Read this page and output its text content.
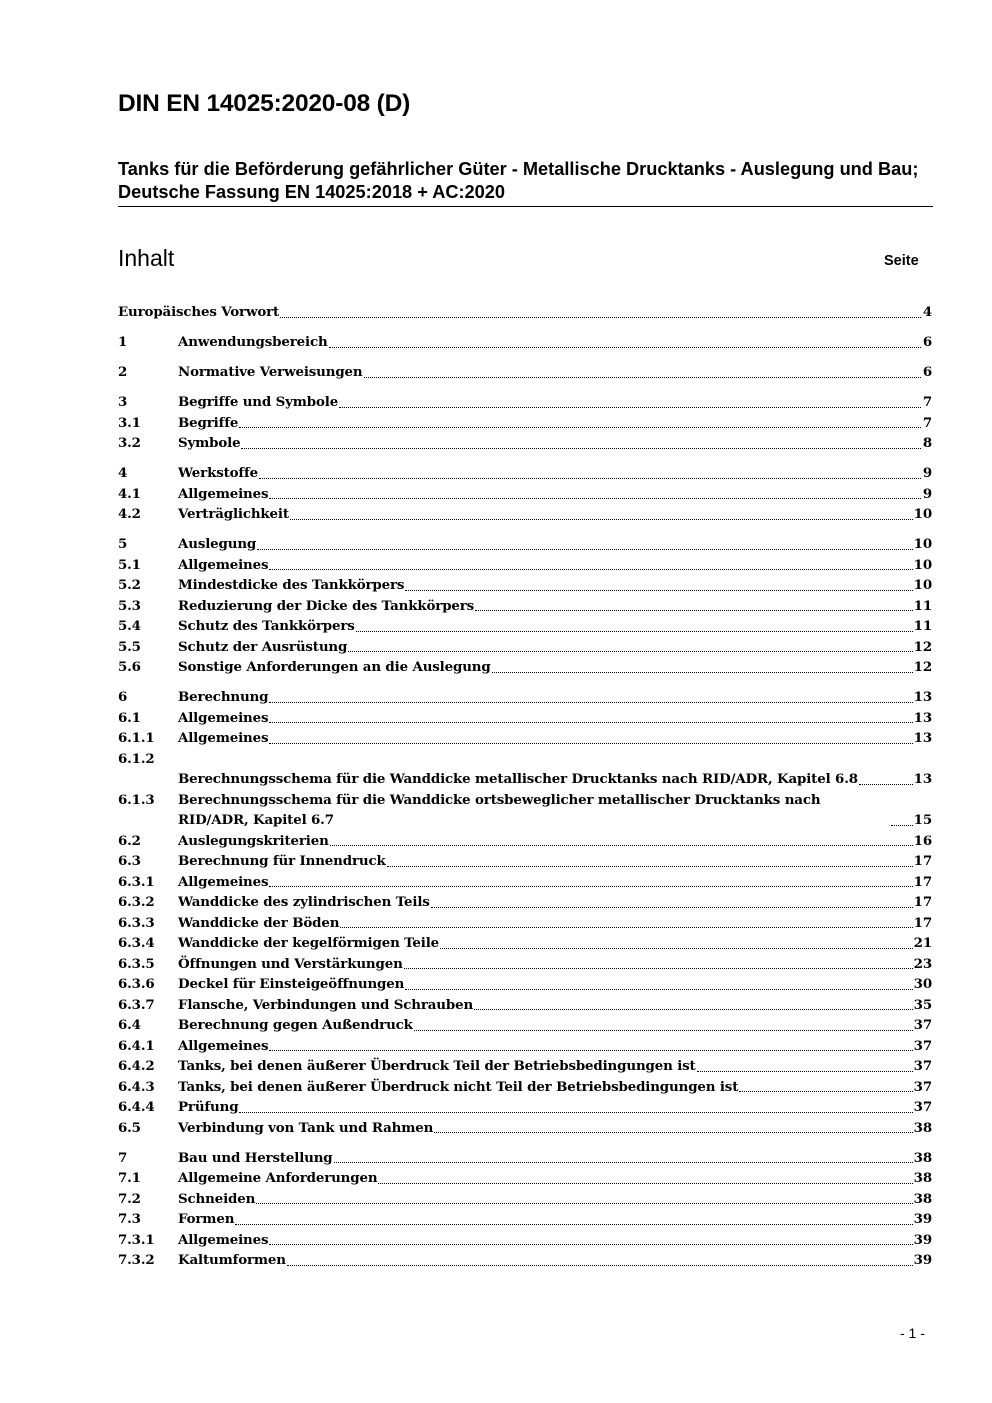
DIN EN 14025:2020-08 (D)
Tanks für die Beförderung gefährlicher Güter - Metallische Drucktanks - Auslegung und Bau; Deutsche Fassung EN 14025:2018 + AC:2020
Inhalt	Seite
Europäisches Vorwort	4
1	Anwendungsbereich	6
2	Normative Verweisungen	6
3	Begriffe und Symbole	7
3.1	Begriffe	7
3.2	Symbole	8
4	Werkstoffe	9
4.1	Allgemeines	9
4.2	Verträglichkeit	10
5	Auslegung	10
5.1	Allgemeines	10
5.2	Mindestdicke des Tankkörpers	10
5.3	Reduzierung der Dicke des Tankkörpers	11
5.4	Schutz des Tankkörpers	11
5.5	Schutz der Ausrüstung	12
5.6	Sonstige Anforderungen an die Auslegung	12
6	Berechnung	13
6.1	Allgemeines	13
6.1.1 Allgemeines	13
6.1.2
Berechnungsschema für die Wanddicke metallischer Drucktanks nach RID/ADR, Kapitel 6.8	13
6.1.3 Berechnungsschema für die Wanddicke ortsbeweglicher metallischer Drucktanks nach RID/ADR, Kapitel 6.7	15
6.2	Auslegungskriterien	16
6.3	Berechnung für Innendruck	17
6.3.1 Allgemeines	17
6.3.2 Wanddicke des zylindrischen Teils	17
6.3.3 Wanddicke der Böden	17
6.3.4 Wanddicke der kegelförmigen Teile	21
6.3.5 Öffnungen und Verstärkungen	23
6.3.6 Deckel für Einsteigeöffnungen	30
6.3.7 Flansche, Verbindungen und Schrauben	35
6.4	Berechnung gegen Außendruck	37
6.4.1 Allgemeines	37
6.4.2 Tanks, bei denen äußerer Überdruck Teil der Betriebsbedingungen ist	37
6.4.3 Tanks, bei denen äußerer Überdruck nicht Teil der Betriebsbedingungen ist	37
6.4.4 Prüfung	37
6.5	Verbindung von Tank und Rahmen	38
7	Bau und Herstellung	38
7.1	Allgemeine Anforderungen	38
7.2	Schneiden	38
7.3	Formen	39
7.3.1 Allgemeines	39
7.3.2 Kaltumformen	39
- 1 -
